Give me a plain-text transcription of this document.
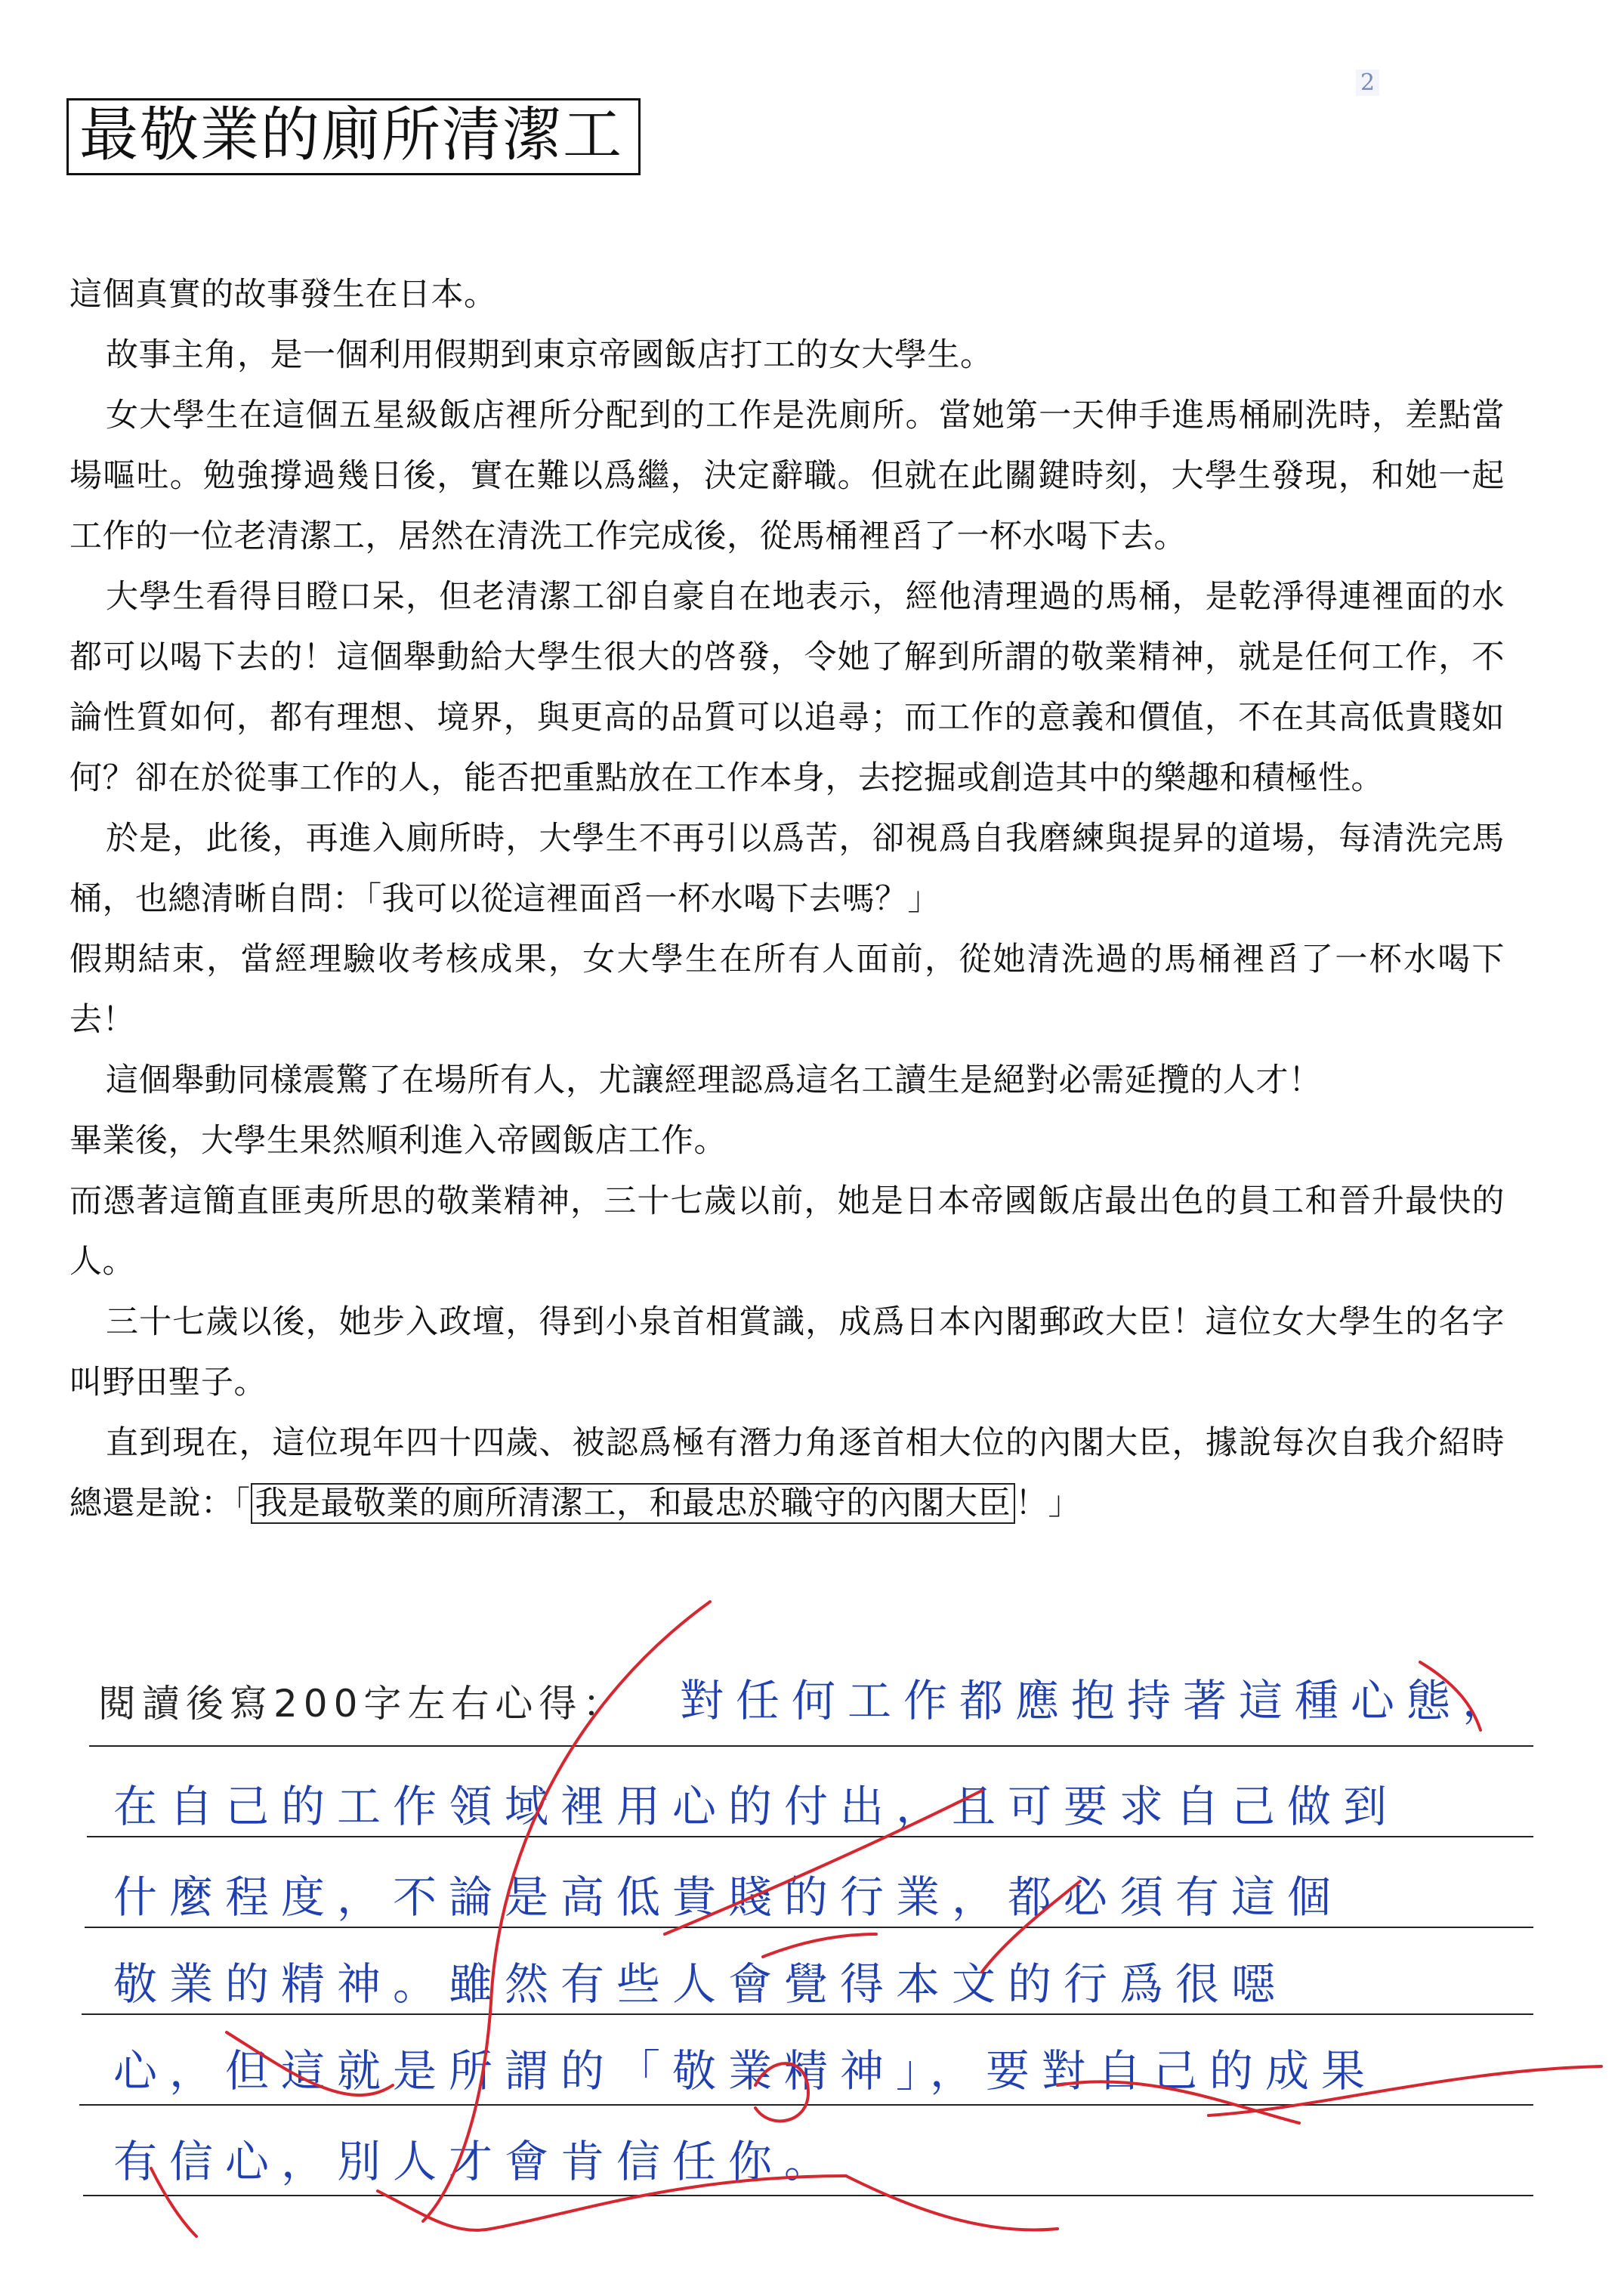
2
最敬業的廁所清潔工

這個真實的故事發生在日本。

故事主角，是一個利用假期到東京帝國飯店打工的女大學生。

女大學生在這個五星級飯店裡所分配到的工作是洗廁所。當她第一天伸手進馬桶刷洗時，差點當場嘔吐。勉強撐過幾日後，實在難以爲繼，決定辭職。但就在此關鍵時刻，大學生發現，和她一起工作的一位老清潔工，居然在清洗工作完成後，從馬桶裡舀了一杯水喝下去。

大學生看得目瞪口呆，但老清潔工卻自豪自在地表示，經他清理過的馬桶，是乾淨得連裡面的水都可以喝下去的！這個舉動給大學生很大的啓發，令她了解到所謂的敬業精神，就是任何工作，不論性質如何，都有理想、境界，與更高的品質可以追尋；而工作的意義和價值，不在其高低貴賤如何？卻在於從事工作的人，能否把重點放在工作本身，去挖掘或創造其中的樂趣和積極性。

於是，此後，再進入廁所時，大學生不再引以爲苦，卻視爲自我磨練與提昇的道場，每清洗完馬桶，也總清晰自問：「我可以從這裡面舀一杯水喝下去嗎？」

假期結束，當經理驗收考核成果，女大學生在所有人面前，從她清洗過的馬桶裡舀了一杯水喝下去！

這個舉動同樣震驚了在場所有人，尤讓經理認爲這名工讀生是絕對必需延攬的人才！

畢業後，大學生果然順利進入帝國飯店工作。

而憑著這簡直匪夷所思的敬業精神，三十七歲以前，她是日本帝國飯店最出色的員工和晉升最快的人。

三十七歲以後，她步入政壇，得到小泉首相賞識，成爲日本內閣郵政大臣！這位女大學生的名字叫野田聖子。

直到現在，這位現年四十四歲、被認爲極有潛力角逐首相大位的內閣大臣，據說每次自我介紹時總還是說：「 我是最敬業的廁所清潔工，和最忠於職守的內閣大臣 ！」

閱讀後寫200字左右心得： 對任何工作都應抱持著這種心態，
在自己的工作領域裡用心的付出，且可要求自己做到
什麼程度，不論是高低貴賤的行業，都必須有這個
敬業的精神。雖然有些人會覺得本文的行爲很噁
心，但這就是所謂的「敬業精神」，要對自己的成果
有信心，別人才會肯信任你。
